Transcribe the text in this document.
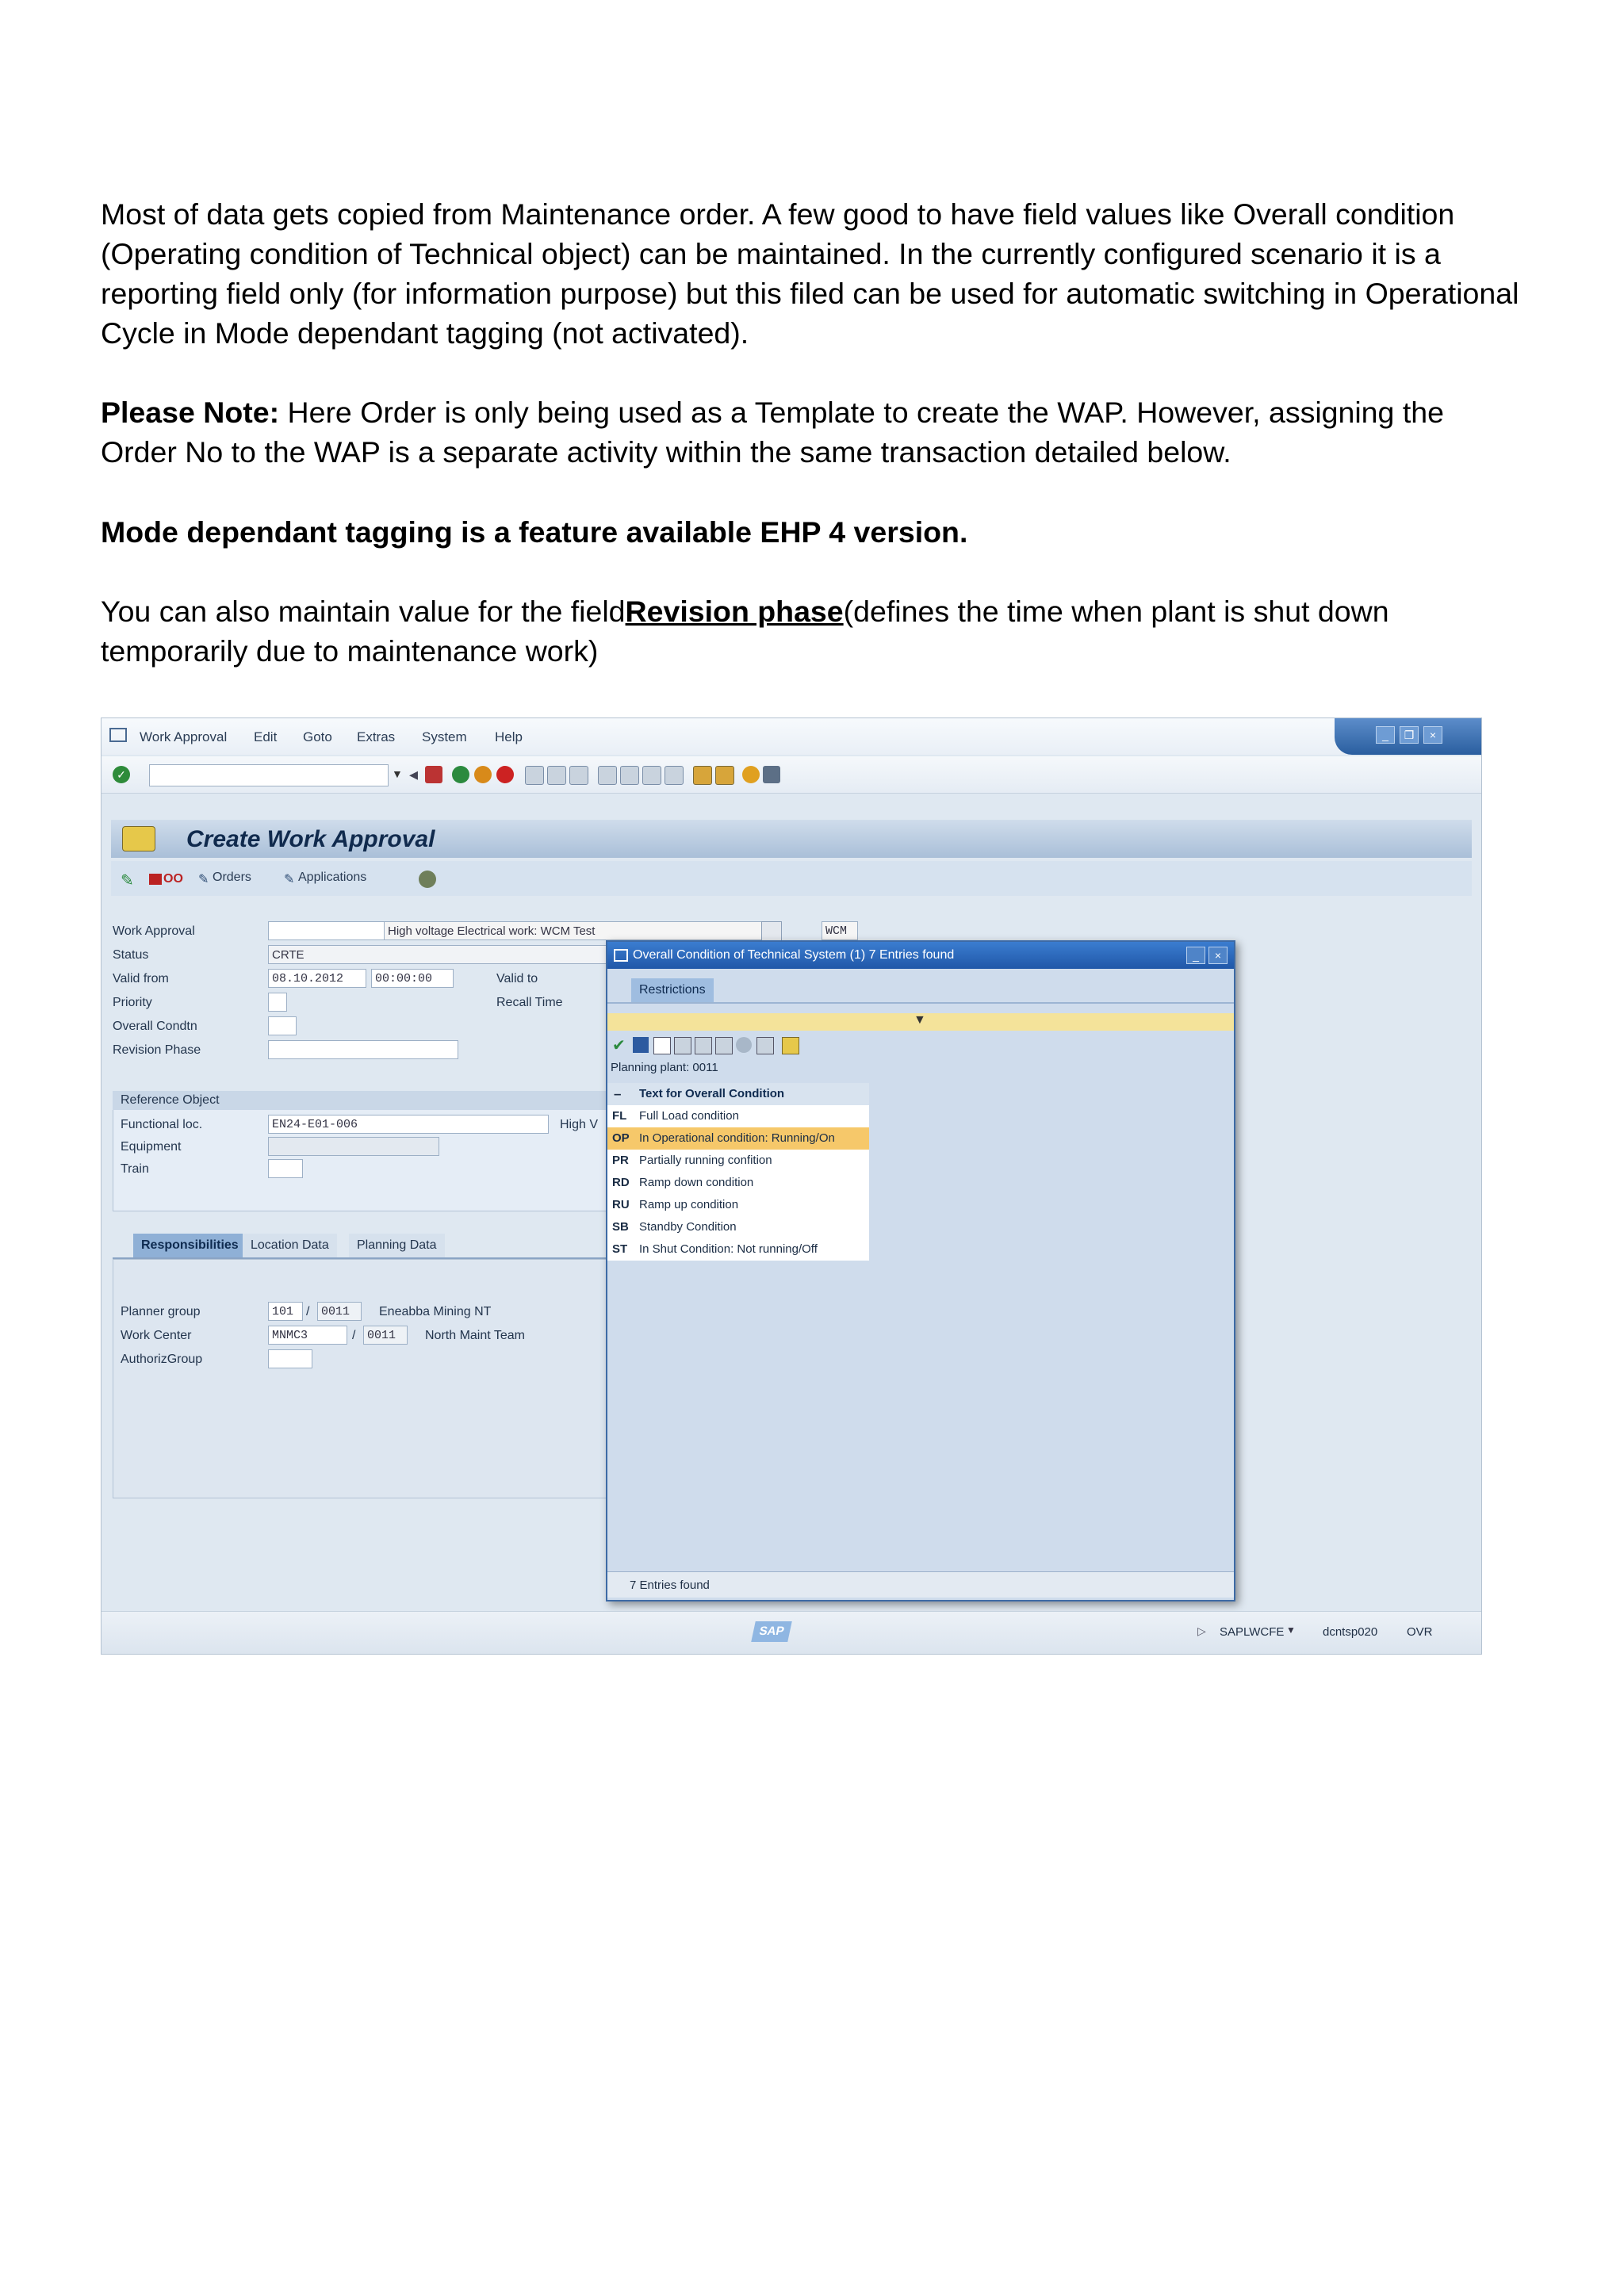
Most of data gets copied from Maintenance order. A few good to have field values like Overall condition (Operating condition of Technical object) can be maintained. In the currently configured scenario it is a reporting field only (for information purpose) but this filed can be used for automatic switching in Operational Cycle in Mode dependant tagging (not activated).
Please Note: Here Order is only being used as a Template to create the WAP. However, assigning the Order No to the WAP is a separate activity within the same transaction detailed below.
Mode dependant tagging is a feature available EHP 4 version.
You can also maintain value for the fieldRevision phase(defines the time when plant is shut down temporarily due to maintenance work)
Work Approval Edit Goto Extras System Help	_	❐	×
✓	▼ ◂
Create Work Approval
✎	OO ✎ Orders	✎ Applications
Work Approval	High voltage Electrical work: WCM Test	WCM
Status	CRTE
Valid from	08.10.2012	00:00:00	Valid to
Priority	Recall Time
Overall Condtn
Revision Phase
Reference Object
Functional loc.	EN24-E01-006	High V
Equipment
Train
Responsibilities Location Data	Planning Data
Planner group	101 / 0011	Eneabba Mining NT
Work Center	MNMC3	/ 0011	North Maint Team
AuthorizGroup
Overall Condition of Technical System (1) 7 Entries found	_	×
Restrictions
▼
✔
Planning plant: 0011
– Text for Overall Condition
FL	Full Load condition
OP In Operational condition: Running/On
PR Partially running confition
RD Ramp down condition
RU Ramp up condition
SB Standby Condition
ST In Shut Condition: Not running/Off
7 Entries found
SAP	▷ SAPLWCFE ▼ dcntsp020 OVR
